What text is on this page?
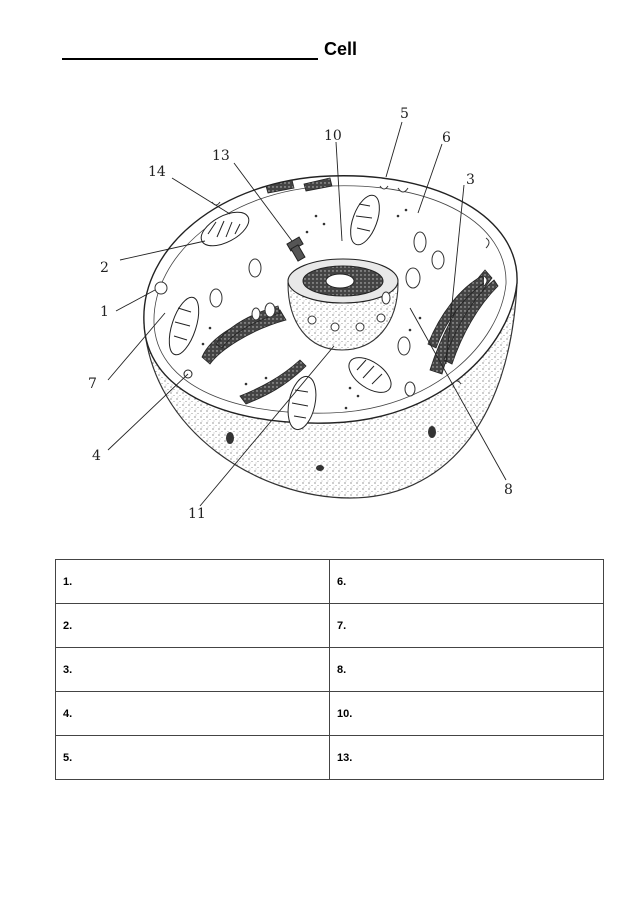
Cell
1
2
3
4
5
6
7
8
10
11
13
14
1.	6.
2.	7.
3.	8.
4.	10.
5.	13.
